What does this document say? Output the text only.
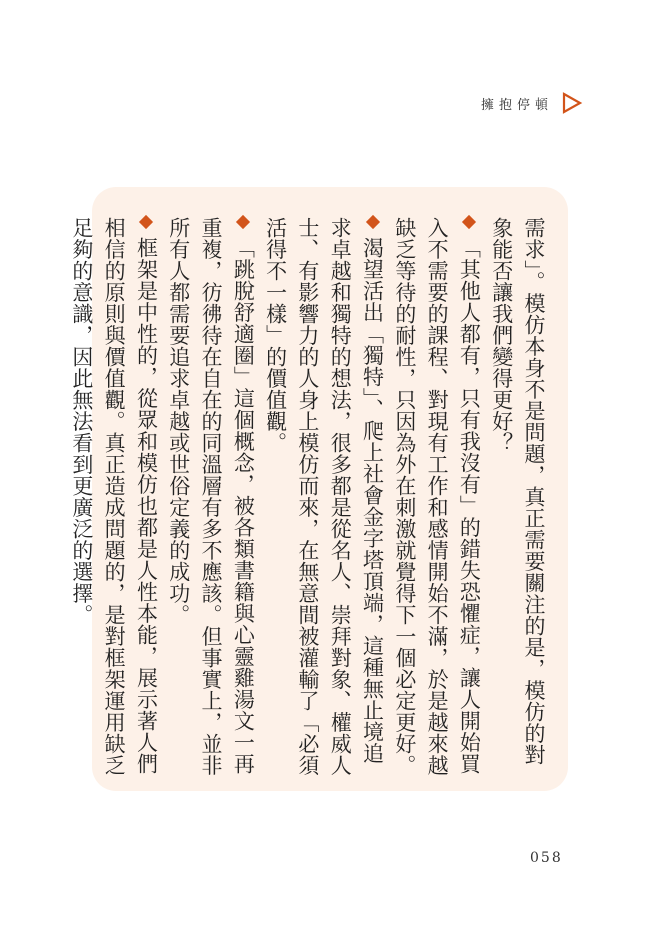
擁抱停頓

需求」。模仿本身不是問題，真正需要關注的是，模仿的對象能否讓我們變得更好？

「其他人都有，只有我沒有」的錯失恐懼症，讓人開始買入不需要的課程、對現有工作和感情開始不滿，於是越來越缺乏等待的耐性，只因為外在刺激就覺得下一個必定更好。

渴望活出「獨特」、爬上社會金字塔頂端，這種無止境追求卓越和獨特的想法，很多都是從名人、崇拜對象、權威人士、有影響力的人身上模仿而來，在無意間被灌輸了「必須活得不一樣」的價值觀。

「跳脫舒適圈」這個概念，被各類書籍與心靈雞湯文一再重複，彷彿待在自在的同溫層有多不應該。但事實上，並非所有人都需要追求卓越或世俗定義的成功。

框架是中性的，從眾和模仿也都是人性本能，展示著人們相信的原則與價值觀。真正造成問題的，是對框架運用缺乏足夠的意識，因此無法看到更廣泛的選擇。

058
